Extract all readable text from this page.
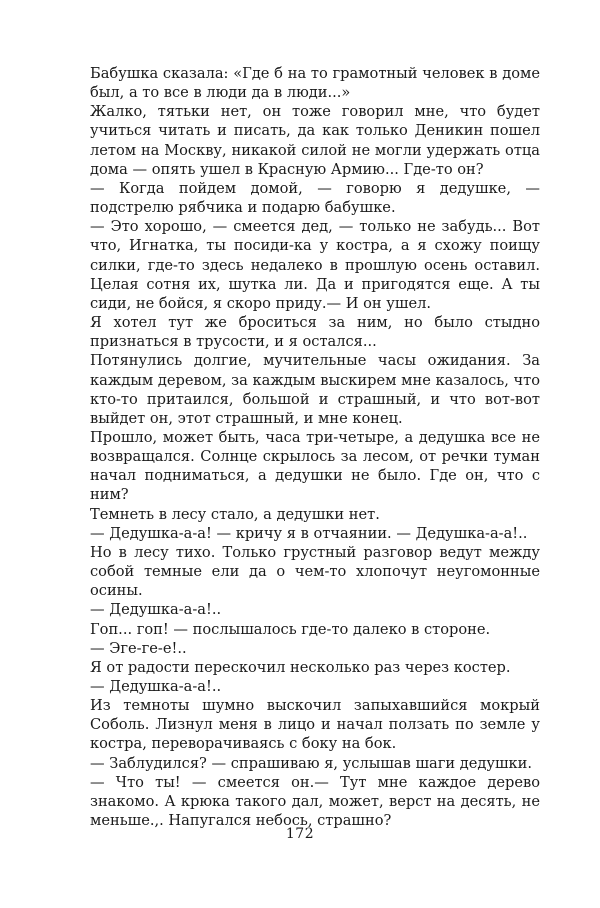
Бабушка сказала: «Где б на то грамотный человек в доме был, а то все в люди да в люди...»

Жалко, тятьки нет, он тоже говорил мне, что будет учиться читать и писать, да как только Деникин пошел летом на Москву, никакой силой не могли удержать отца дома — опять ушел в Красную Армию... Где-то он?

— Когда пойдем домой, — говорю я дедушке, — подстрелю рябчика и подарю бабушке.

— Это хорошо, — смеется дед, — только не забудь... Вот что, Игнатка, ты посиди-ка у костра, а я схожу поищу силки, где-то здесь недалеко в прошлую осень оставил. Целая сотня их, шутка ли. Да и пригодятся еще. А ты сиди, не бойся, я скоро приду.— И он ушел.

Я хотел тут же броситься за ним, но было стыдно признаться в трусости, и я остался...

Потянулись долгие, мучительные часы ожидания. За каждым деревом, за каждым выскирем мне казалось, что кто-то притаился, большой и страшный, и что вот-вот выйдет он, этот страшный, и мне конец.

Прошло, может быть, часа три-четыре, а дедушка все не возвращался. Солнце скрылось за лесом, от речки туман начал подниматься, а дедушки не было. Где он, что с ним?

Темнеть в лесу стало, а дедушки нет.

— Дедушка-а-а! — кричу я в отчаянии. — Дедушка-а-а!..

Но в лесу тихо. Только грустный разговор ведут между собой темные ели да о чем-то хлопочут неугомонные осины.

— Дедушка-а-а!..

Гоп... гоп! — послышалось где-то далеко в стороне.

— Эге-ге-е!..

Я от радости перескочил несколько раз через костер.

— Дедушка-а-а!..

Из темноты шумно выскочил запыхавшийся мокрый Соболь. Лизнул меня в лицо и начал ползать по земле у костра, переворачиваясь с боку на бок.

— Заблудился? — спрашиваю я, услышав шаги дедушки.

— Что ты! — смеется он.— Тут мне каждое дерево знакомо. А крюка такого дал, может, верст на десять, не меньше.,. Напугался небось, страшно?

172
